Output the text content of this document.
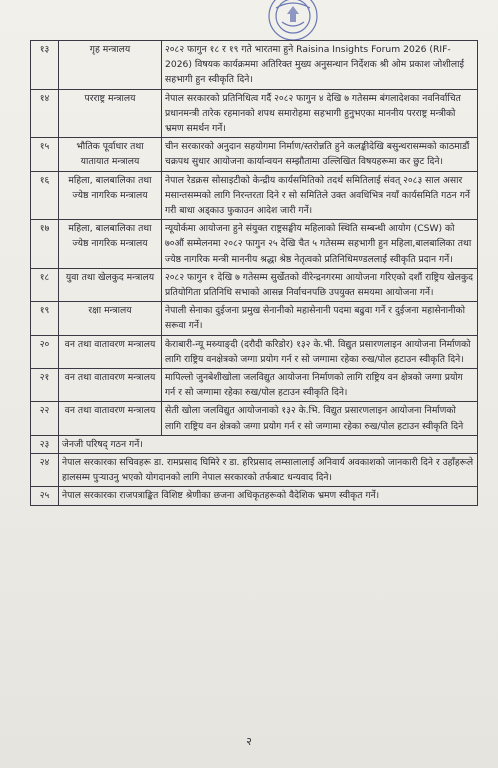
१३	गृह मन्त्रालय	२०८२ फागुन १८ र १९ गते भारतमा हुने Raisina Insights Forum 2026 (RIF-2026) विषयक कार्यक्रममा अतिरिक्त मुख्य अनुसन्धान निर्देशक श्री ओम प्रकाश जोशीलाई सहभागी हुन स्वीकृति दिने।
१४	परराष्ट्र मन्त्रालय	नेपाल सरकारको प्रतिनिधित्व गर्दै २०८२ फागुन ४ देखि ७ गतेसम्म बंगलादेशका नवनिर्वाचित प्रधानमन्त्री तारेक रहमानको शपथ समारोहमा सहभागी हुनुभएका माननीय परराष्ट्र मन्त्रीको भ्रमण समर्थन गर्ने।
१५	भौतिक पूर्वाधार तथा यातायात मन्त्रालय	चीन सरकारको अनुदान सहयोगमा निर्माण/स्तरोन्नति हुने कलङ्कीदेखि बसुन्धरासम्मको काठमाडौं चक्रपथ सुधार आयोजना कार्यान्वयन सम्झौतामा उल्लिखित विषयहरूमा कर छुट दिने।
१६	महिला, बालबालिका तथा ज्येष्ठ नागरिक मन्त्रालय	नेपाल रेडक्रस सोसाइटीको केन्द्रीय कार्यसमितिको तदर्थ समितिलाई संवत् २०८३ साल असार मसान्तसम्मको लागि निरन्तरता दिने र सो समितिले उक्त अवधिभित्र नयाँ कार्यसमिति गठन गर्ने गरी बाधा अड्काउ फुकाउन आदेश जारी गर्ने।
१७	महिला, बालबालिका तथा ज्येष्ठ नागरिक मन्त्रालय	न्यूयोर्कमा आयोजना हुने संयुक्त राष्ट्रसङ्घीय महिलाको स्थिति सम्बन्धी आयोग (CSW) को ७०औं सम्मेलनमा २०८२ फागुन २५ देखि चैत ५ गतेसम्म सहभागी हुन महिला,बालबालिका तथा ज्येष्ठ नागरिक मन्त्री माननीय श्रद्धा श्रेष्ठ नेतृत्वको प्रतिनिधिमण्डललाई स्वीकृति प्रदान गर्ने।
१८	युवा तथा खेलकुद मन्त्रालय	२०८२ फागुन १ देखि ७ गतेसम्म सुर्खेतको वीरेन्द्रनगरमा आयोजना गरिएको दशौं राष्ट्रिय खेलकुद प्रतियोगिता प्रतिनिधि सभाको आसन्न निर्वाचनपछि उपयुक्त समयमा आयोजना गर्ने।
१९	रक्षा मन्त्रालय	नेपाली सेनाका दुईजना प्रमुख सेनानीको महासेनानी पदमा बढुवा गर्ने र दुईजना महासेनानीको सरूवा गर्ने।
२०	वन तथा वातावरण मन्त्रालय	केराबारी-न्यू मस्र्याङ्दी (दरौदी करिडोर) १३२ के.भी. विद्युत प्रसारणलाइन आयोजना निर्माणको लागि राष्ट्रिय वनक्षेत्रको जग्गा प्रयोग गर्न र सो जग्गामा रहेका रुख/पोल हटाउन स्वीकृति दिने।
२१	वन तथा वातावरण मन्त्रालय	मापिल्लो जुनबेशीखोला जलविद्युत आयोजना निर्माणको लागि राष्ट्रिय वन क्षेत्रको जग्गा प्रयोग गर्न र सो जग्गामा रहेका रुख/पोल हटाउन स्वीकृति दिने।
२२	वन तथा वातावरण मन्त्रालय	सेती खोला जलविद्युत आयोजनाको १३२ के.भि. विद्युत प्रसारणलाइन आयोजना निर्माणको लागि राष्ट्रिय वन क्षेत्रको जग्गा प्रयोग गर्न र सो जग्गामा रहेका रुख/पोल हटाउन स्वीकृति दिने
२३	जेनजी परिषद् गठन गर्ने।	
२४	नेपाल सरकारका सचिवहरू डा. रामप्रसाद घिमिरे र डा. हरिप्रसाद लम्सालालाई अनिवार्य अवकाशको जानकारी दिने र उहाँहरूले हालसम्म पुऱ्याउनु भएको योगदानको लागि नेपाल सरकारको तर्फबाट धन्यवाद दिने।	
२५	नेपाल सरकारका राजपत्राङ्कित विशिष्ट श्रेणीका छजना अधिकृतहरूको वैदेशिक भ्रमण स्वीकृत गर्ने।	
२
